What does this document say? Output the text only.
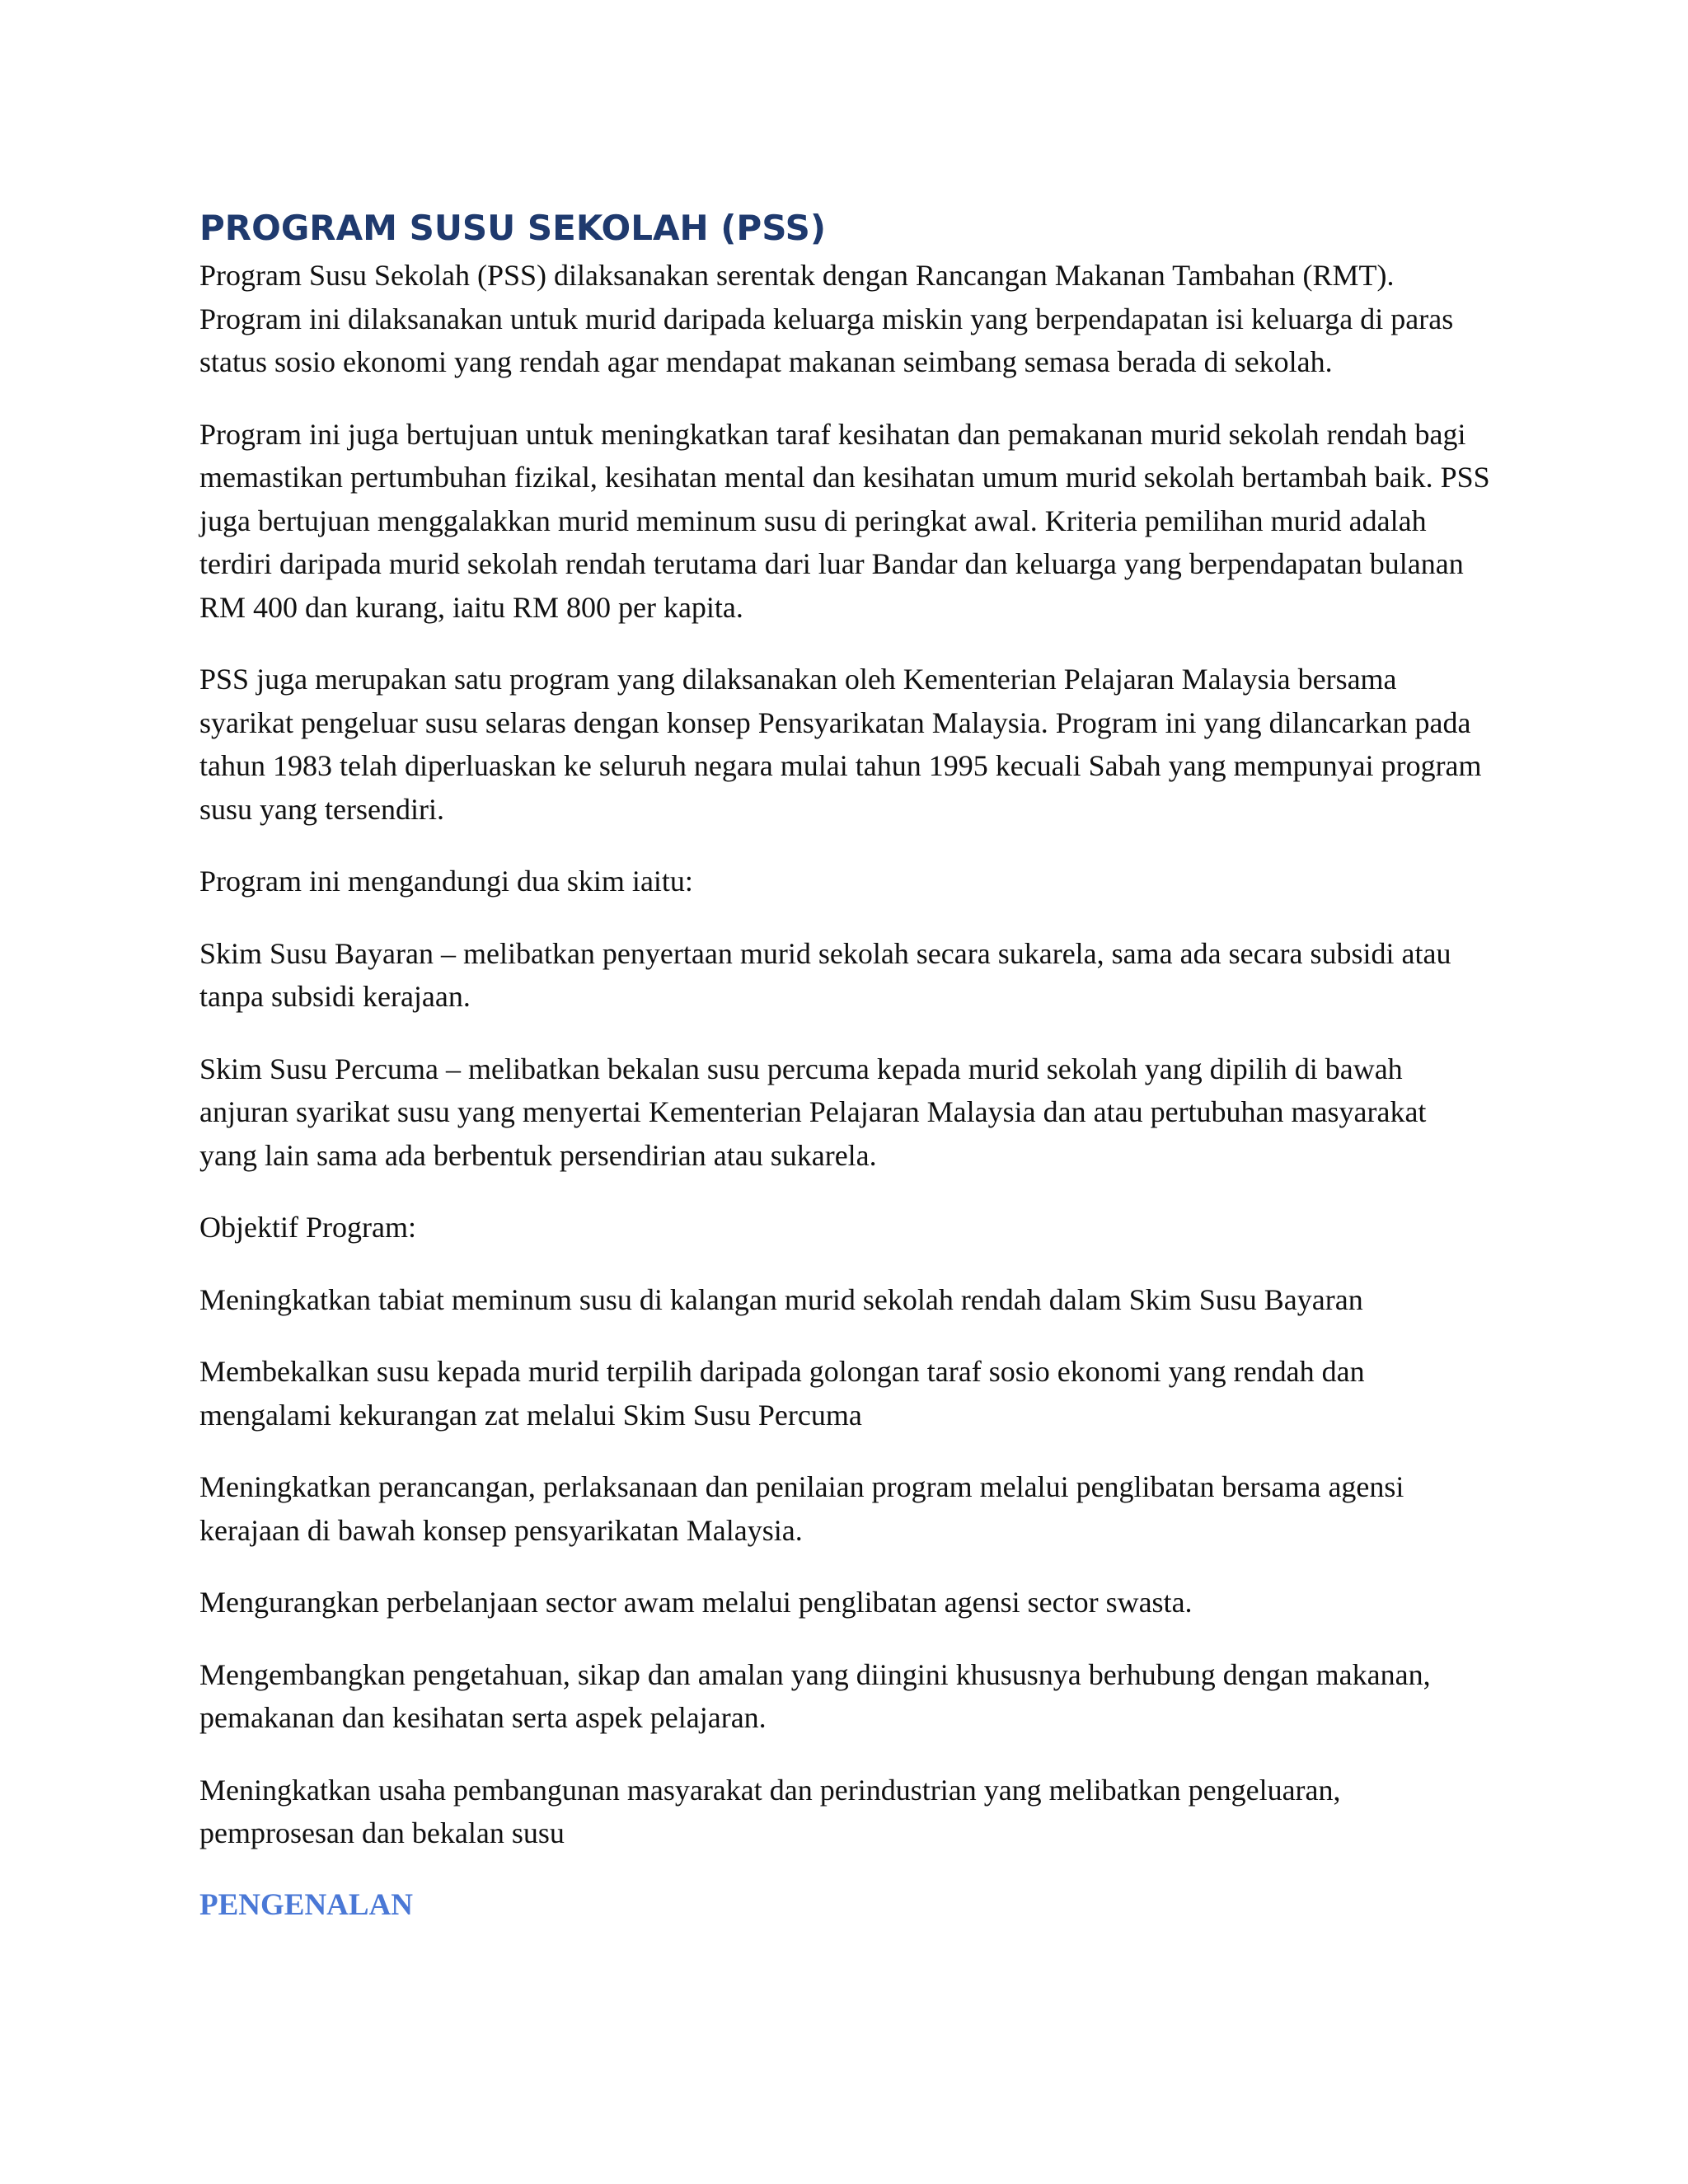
PROGRAM SUSU SEKOLAH (PSS)

Program Susu Sekolah (PSS) dilaksanakan serentak dengan Rancangan Makanan Tambahan (RMT). Program ini dilaksanakan untuk murid daripada keluarga miskin yang berpendapatan isi keluarga di paras status sosio ekonomi yang rendah agar mendapat makanan seimbang semasa berada di sekolah.

Program ini juga bertujuan untuk meningkatkan taraf kesihatan dan pemakanan murid sekolah rendah bagi memastikan pertumbuhan fizikal, kesihatan mental dan kesihatan umum murid sekolah bertambah baik. PSS juga bertujuan menggalakkan murid meminum susu di peringkat awal. Kriteria pemilihan murid adalah terdiri daripada murid sekolah rendah terutama dari luar Bandar dan keluarga yang berpendapatan bulanan RM 400 dan kurang, iaitu RM 800 per kapita.

PSS juga merupakan satu program yang dilaksanakan oleh Kementerian Pelajaran Malaysia bersama syarikat pengeluar susu selaras dengan konsep Pensyarikatan Malaysia. Program ini yang dilancarkan pada tahun 1983 telah diperluaskan ke seluruh negara mulai tahun 1995 kecuali Sabah yang mempunyai program susu yang tersendiri.

Program ini mengandungi dua skim iaitu:

Skim Susu Bayaran – melibatkan penyertaan murid sekolah secara sukarela, sama ada secara subsidi atau tanpa subsidi kerajaan.

Skim Susu Percuma – melibatkan bekalan susu percuma kepada murid sekolah yang dipilih di bawah anjuran syarikat susu yang menyertai Kementerian Pelajaran Malaysia dan atau pertubuhan masyarakat yang lain sama ada berbentuk persendirian atau sukarela.

Objektif Program:

Meningkatkan tabiat meminum susu di kalangan murid sekolah rendah dalam Skim Susu Bayaran

Membekalkan susu kepada murid terpilih daripada golongan taraf sosio ekonomi yang rendah dan mengalami kekurangan zat melalui Skim Susu Percuma

Meningkatkan perancangan, perlaksanaan dan penilaian program melalui penglibatan bersama agensi kerajaan di bawah konsep pensyarikatan Malaysia.

Mengurangkan perbelanjaan sector awam melalui penglibatan agensi sector swasta.

Mengembangkan pengetahuan, sikap dan amalan yang diingini khususnya berhubung dengan makanan, pemakanan dan kesihatan serta aspek pelajaran.

Meningkatkan usaha pembangunan masyarakat dan perindustrian yang melibatkan pengeluaran, pemprosesan dan bekalan susu

PENGENALAN
